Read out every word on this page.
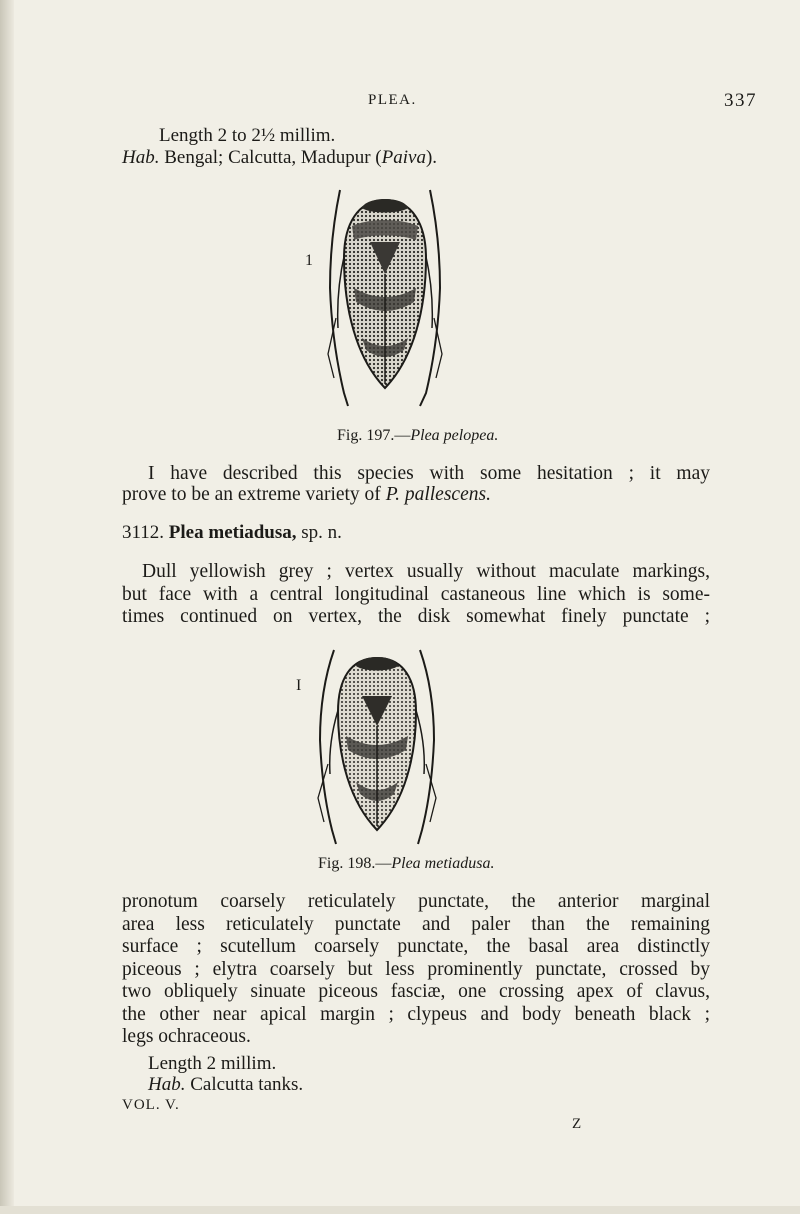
PLEA.	337
Length 2 to 2½ millim.
Hab. Bengal; Calcutta, Madupur (Paiva).
1
Fig. 197.—Plea pelopea.
I have described this species with some hesitation ; it may
prove to be an extreme variety of P. pallescens.
3112. Plea metiadusa, sp. n.
Dull yellowish grey ; vertex usually without maculate markings,
but face with a central longitudinal castaneous line which is some-
times continued on vertex, the disk somewhat finely punctate ;
I
Fig. 198.—Plea metiadusa.
pronotum coarsely reticulately punctate, the anterior marginal
area less reticulately punctate and paler than the remaining
surface ; scutellum coarsely punctate, the basal area distinctly
piceous ; elytra coarsely but less prominently punctate, crossed by
two obliquely sinuate piceous fasciæ, one crossing apex of clavus,
the other near apical margin ; clypeus and body beneath black ;
legs ochraceous.
Length 2 millim.
Hab. Calcutta tanks.
VOL. V.
Z
